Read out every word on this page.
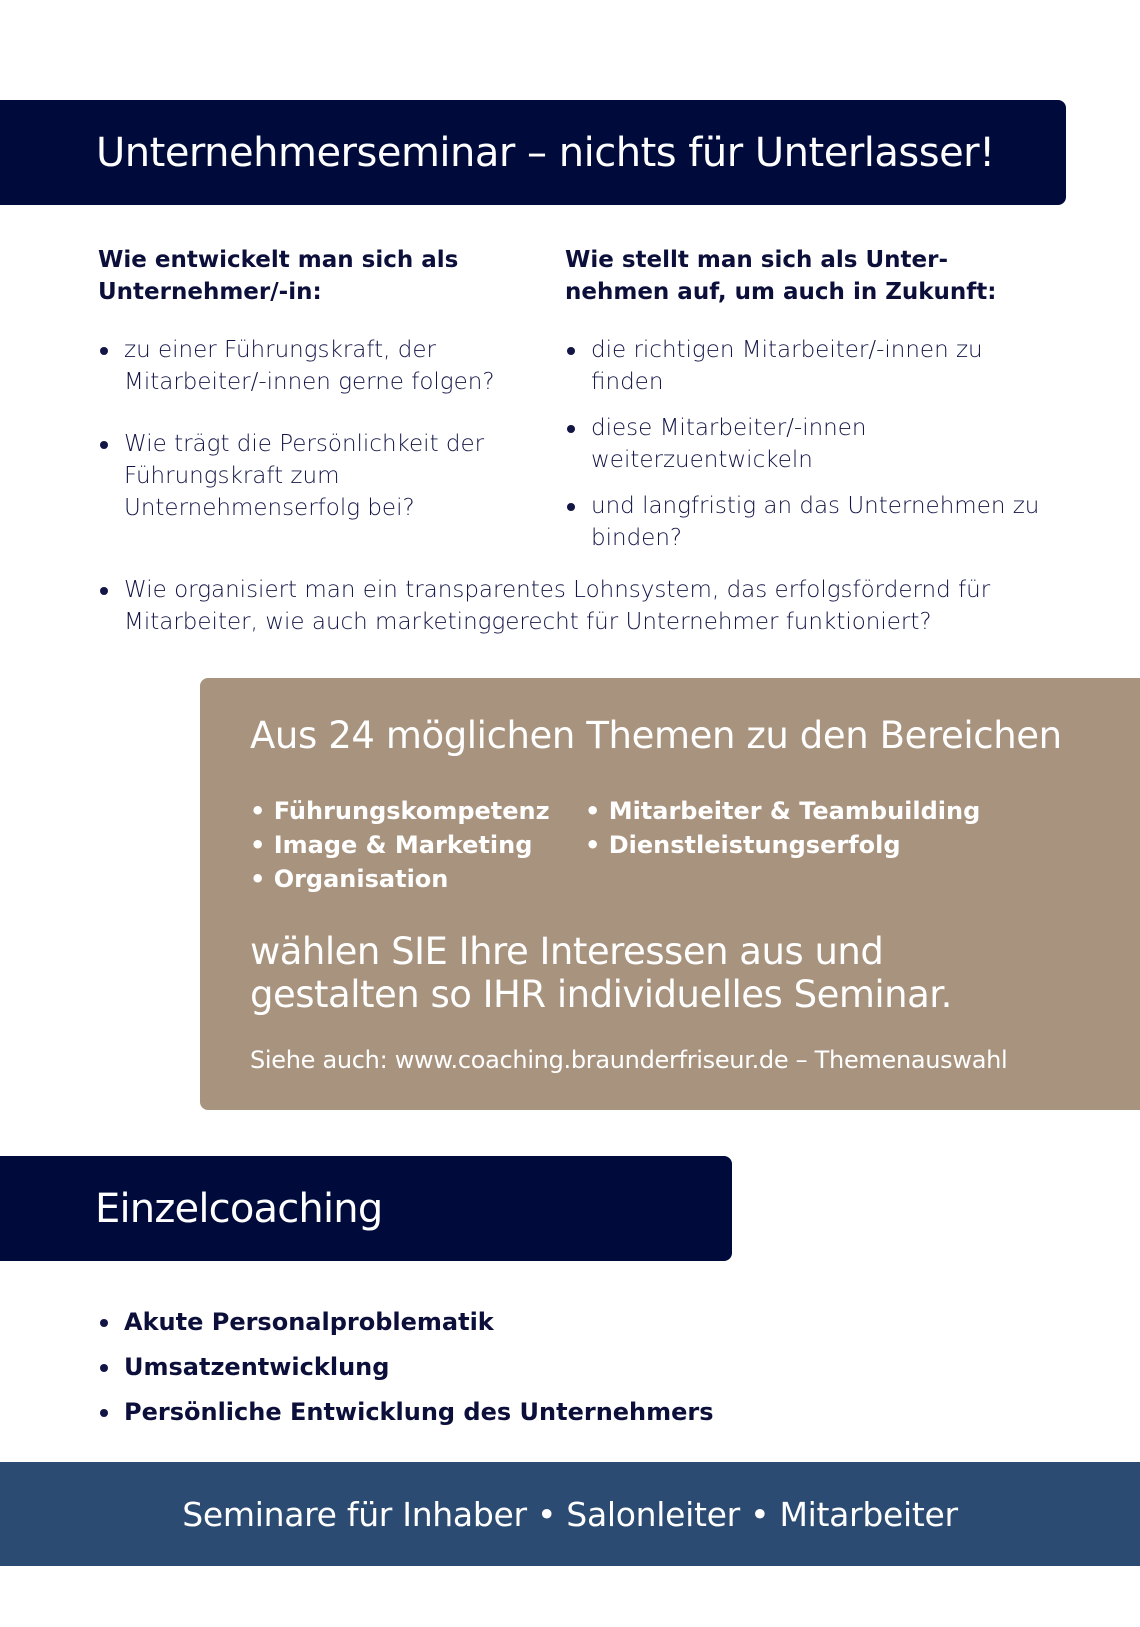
Unternehmerseminar – nichts für Unterlasser!
Wie entwickelt man sich als Unternehmer/-in:
zu einer Führungskraft, der Mitarbeiter/-innen gerne folgen?
Wie trägt die Persönlichkeit der Führungskraft zum Unternehmenserfolg bei?
Wie stellt man sich als Unter-nehmen auf, um auch in Zukunft:
die richtigen Mitarbeiter/-innen zu finden
diese Mitarbeiter/-innen weiterzuentwickeln
und langfristig an das Unternehmen zu binden?
Wie organisiert man ein transparentes Lohnsystem, das erfolgsfördernd für Mitarbeiter, wie auch marketinggerecht für Unternehmer funktioniert?

Aus 24 möglichen Themen zu den Bereichen

• Führungskompetenz	• Mitarbeiter & Teambuilding
• Image & Marketing	• Dienstleistungserfolg
• Organisation

wählen SIE Ihre Interessen aus und
gestalten so IHR individuelles Seminar.

Siehe auch: www.coaching.braunderfriseur.de – Themenauswahl

Einzelcoaching
Akute Personalproblematik
Umsatzentwicklung
Persönliche Entwicklung des Unternehmers
Seminare für Inhaber • Salonleiter • Mitarbeiter
